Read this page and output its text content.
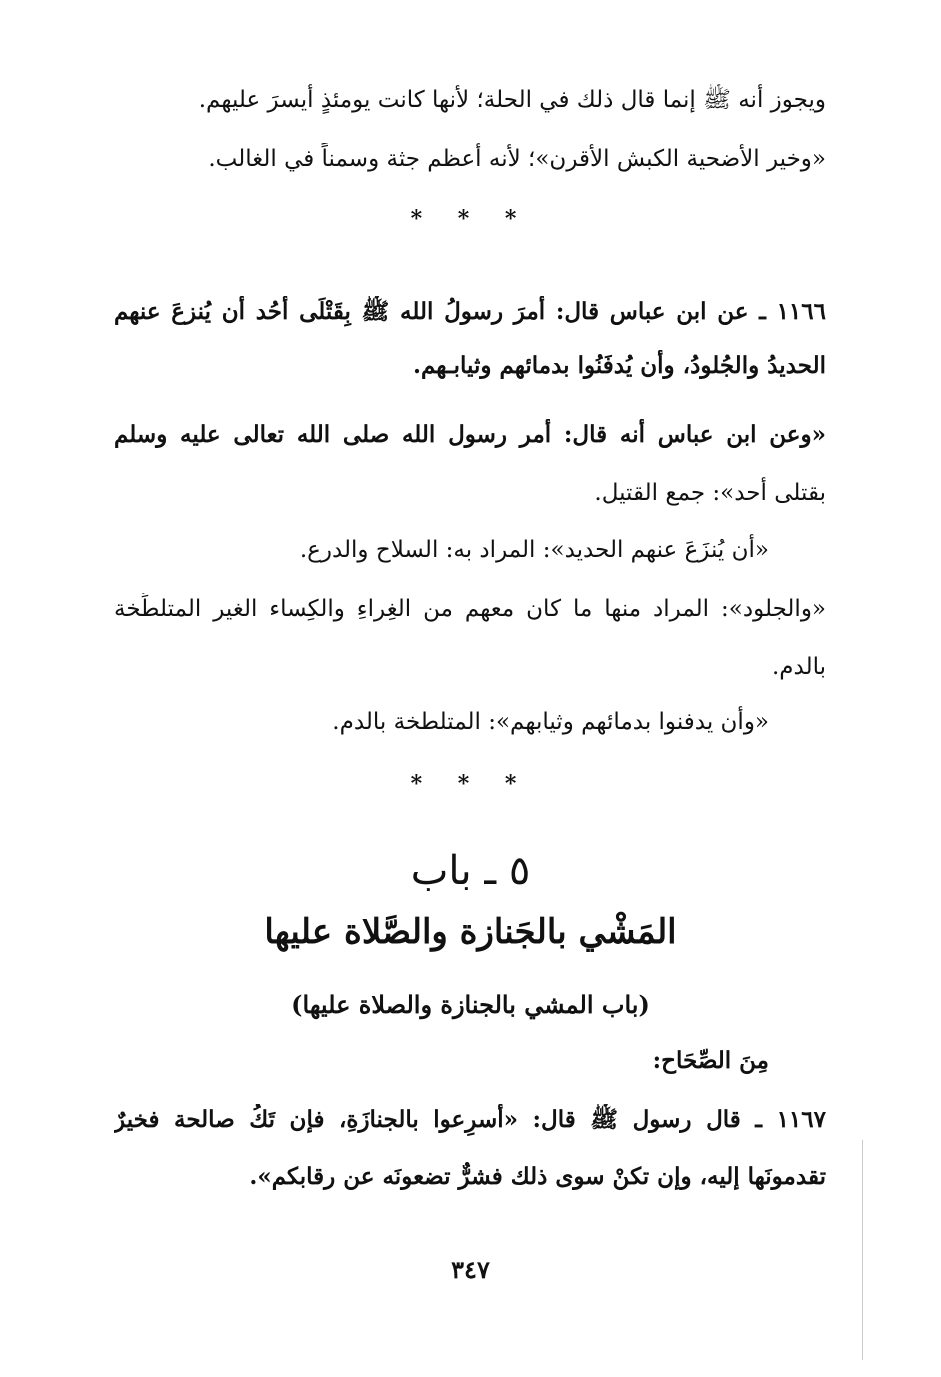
ويجوز أنه ﷺ إنما قال ذلك في الحلة؛ لأنها كانت يومئذٍ أيسرَ عليهم.
«وخير الأضحية الكبش الأقرن»؛ لأنه أعظم جثة وسمناً في الغالب.
* * *
١١٦٦ ـ عن ابن عباس قال: أمرَ رسولُ الله ﷺ بِقَتْلَى أُحُد أن يُنزعَ عنهم
الحديدُ والجُلودُ، وأن يُدفَنُوا بدمائهم وثيابـهم.
«وعن ابن عباس أنه قال: أمر رسول الله صلى الله تعالى عليه وسلم
بقتلى أحد»: جمع القتيل.
«أن يُنزَعَ عنهم الحديد»: المراد به: السلاح والدرع.
«والجلود»: المراد منها ما كان معهم من الغِراءِ والكِساء الغير المتلطِّخة
بالدم.
«وأن يدفنوا بدمائهم وثيابهم»: المتلطخة بالدم.
* * *
٥ ـ باب
المَشْي بالجَنازة والصَّلاة عليها
(باب المشي بالجنازة والصلاة عليها)
مِنَ الصِّحَاح:
١١٦٧ ـ قال رسول ﷺ قال: «أَسرِعوا بالجنازَةِ، فإن تَكُ صالحة فخيرٌ
تقدمونَها إليه، وإن تكنْ سوى ذلك فشرٌّ تضعونَه عن رقابكم».
٣٤٧
